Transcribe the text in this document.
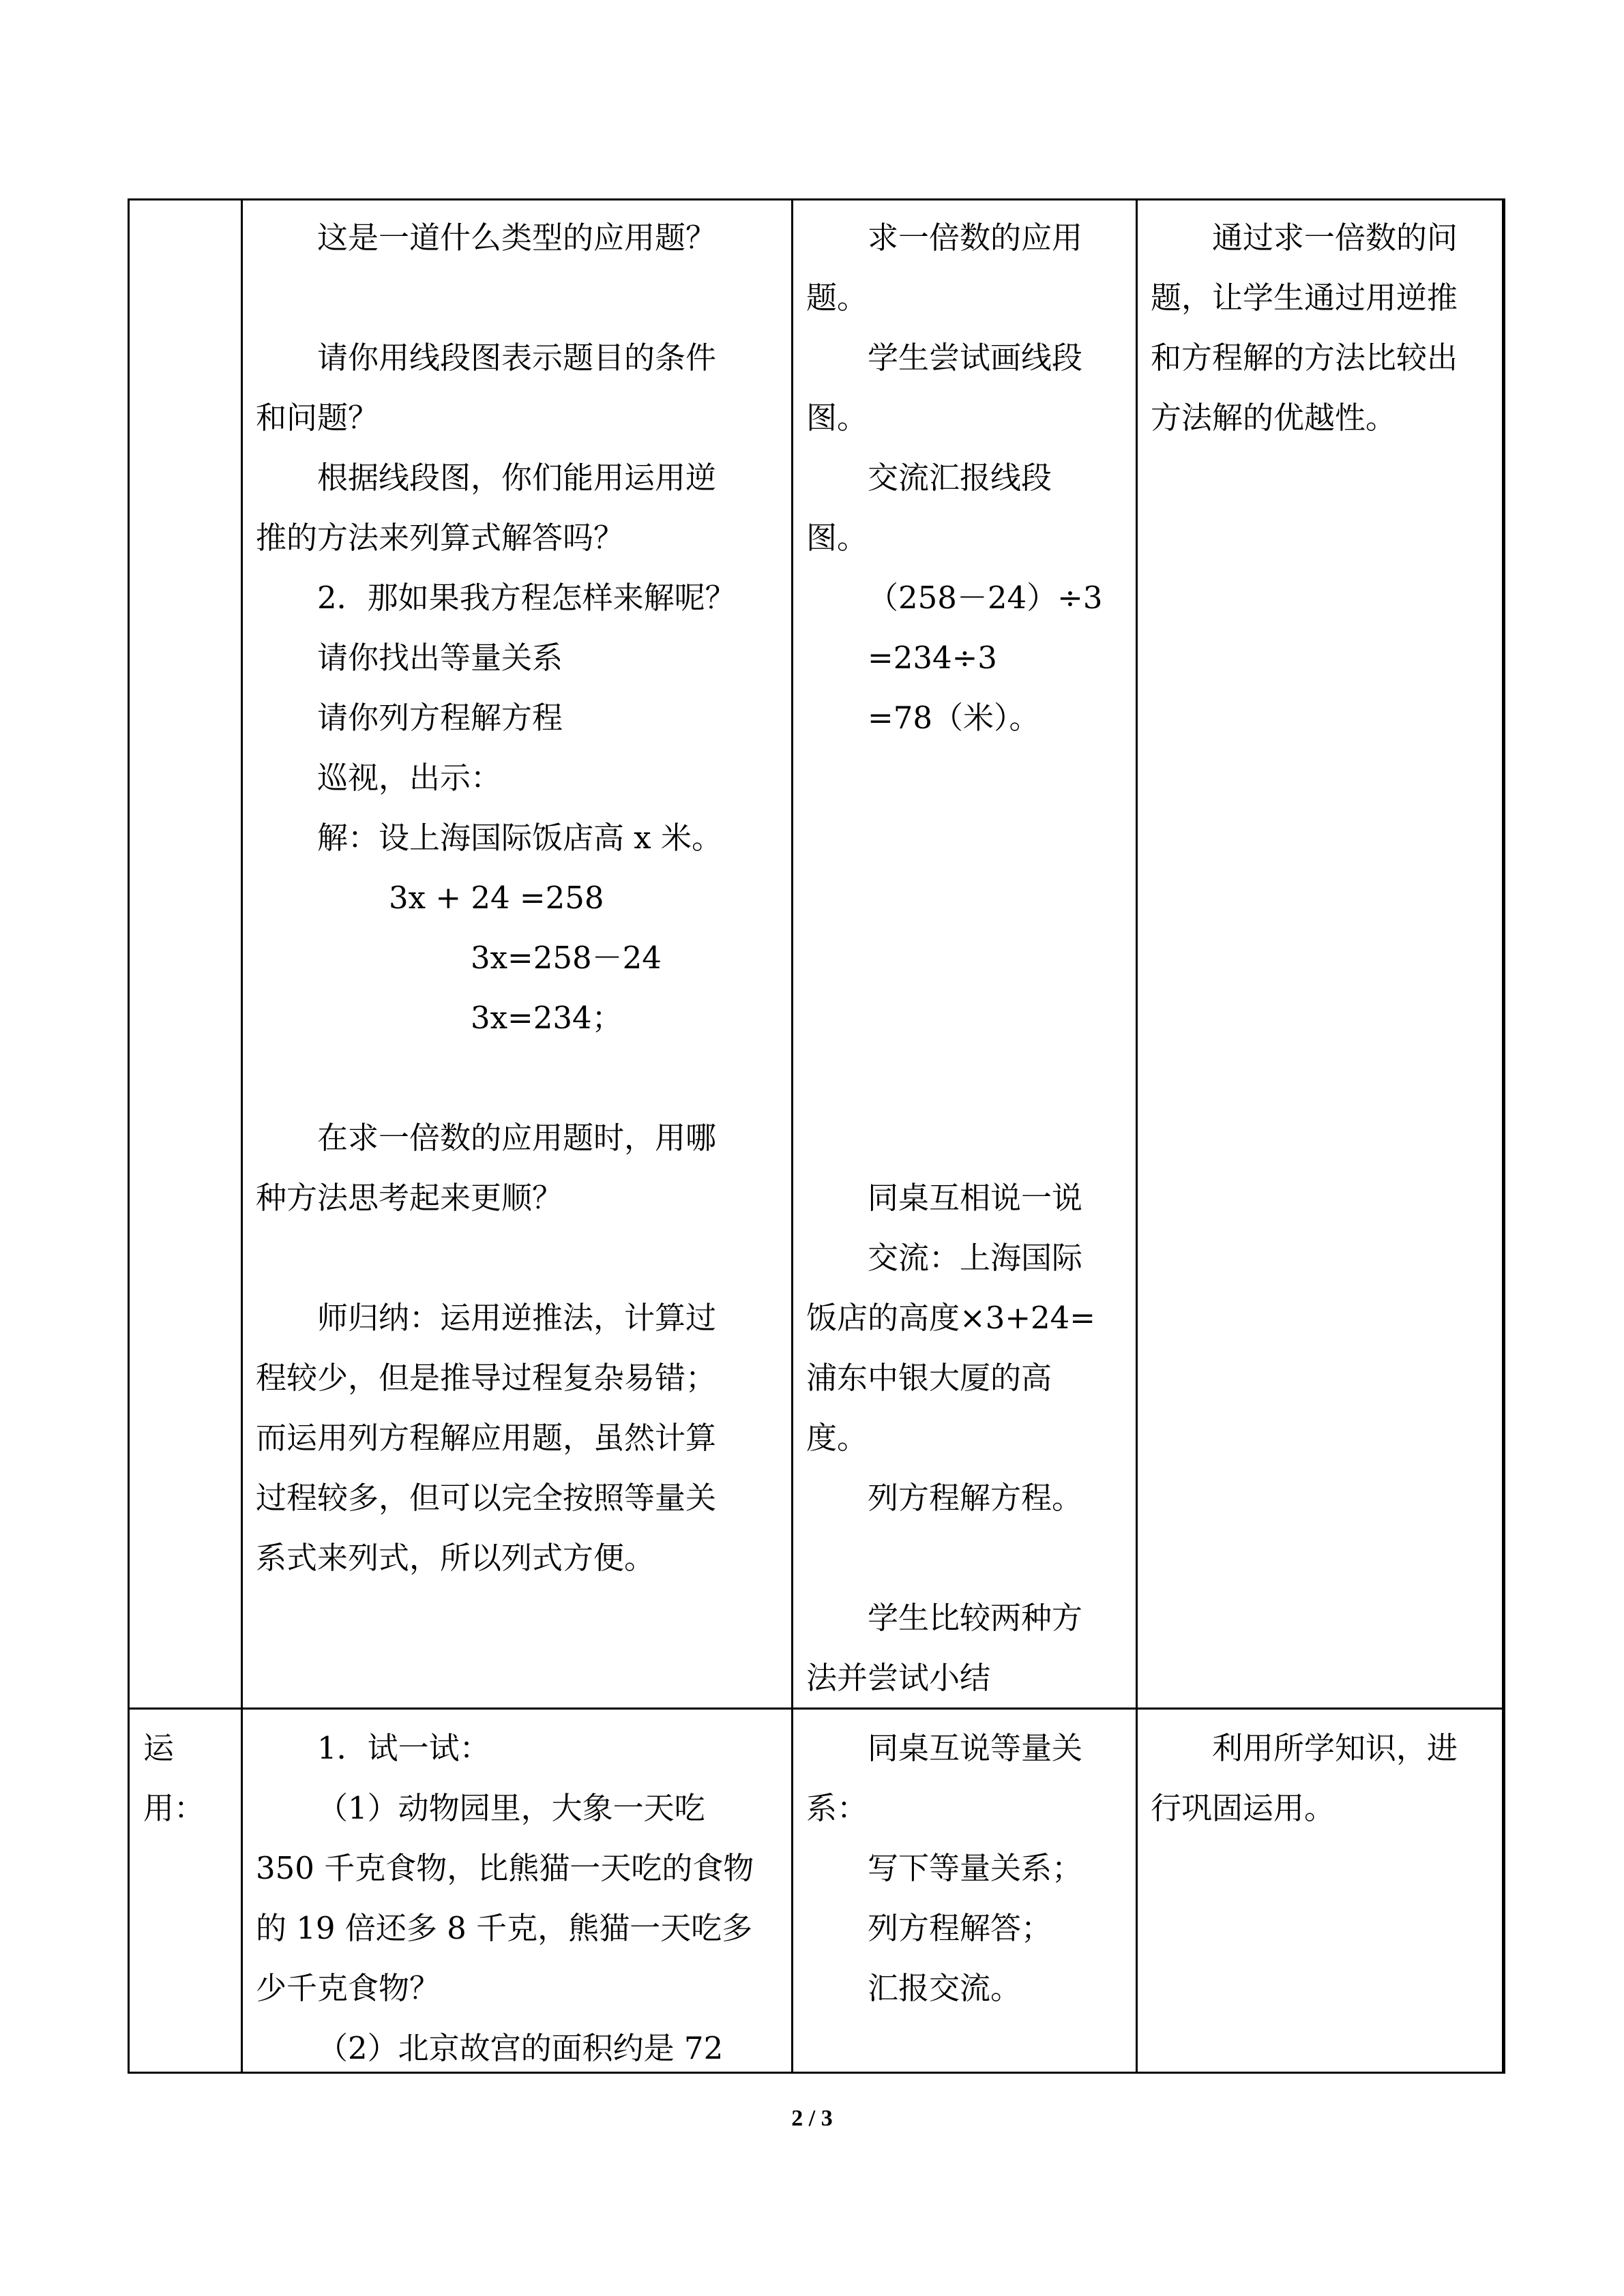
这是一道什么类型的应用题？

请你用线段图表示题目的条件

和问题？

根据线段图，你们能用运用逆

推的方法来列算式解答吗？

2．那如果我方程怎样来解呢？

请你找出等量关系

请你列方程解方程

巡视，出示：

解：设上海国际饭店高 x 米。

3x + 24 =258

3x=258－24

3x=234；

在求一倍数的应用题时，用哪

种方法思考起来更顺？

师归纳：运用逆推法，计算过

程较少，但是推导过程复杂易错；

而运用列方程解应用题，虽然计算

过程较多，但可以完全按照等量关

系式来列式，所以列式方便。

求一倍数的应用

题。

学生尝试画线段

图。

交流汇报线段

图。

（258－24）÷3

=234÷3

=78（米）。

同桌互相说一说

交流：上海国际

饭店的高度×3+24=

浦东中银大厦的高

度。

列方程解方程。

学生比较两种方

法并尝试小结

通过求一倍数的问

题，让学生通过用逆推

和方程解的方法比较出

方法解的优越性。

运

用：

1．试一试：

（1）动物园里，大象一天吃

350 千克食物，比熊猫一天吃的食物

的 19 倍还多 8 千克，熊猫一天吃多

少千克食物？

（2）北京故宫的面积约是 72

同桌互说等量关

系：

写下等量关系；

列方程解答；

汇报交流。

利用所学知识，进

行巩固运用。

2 / 3
